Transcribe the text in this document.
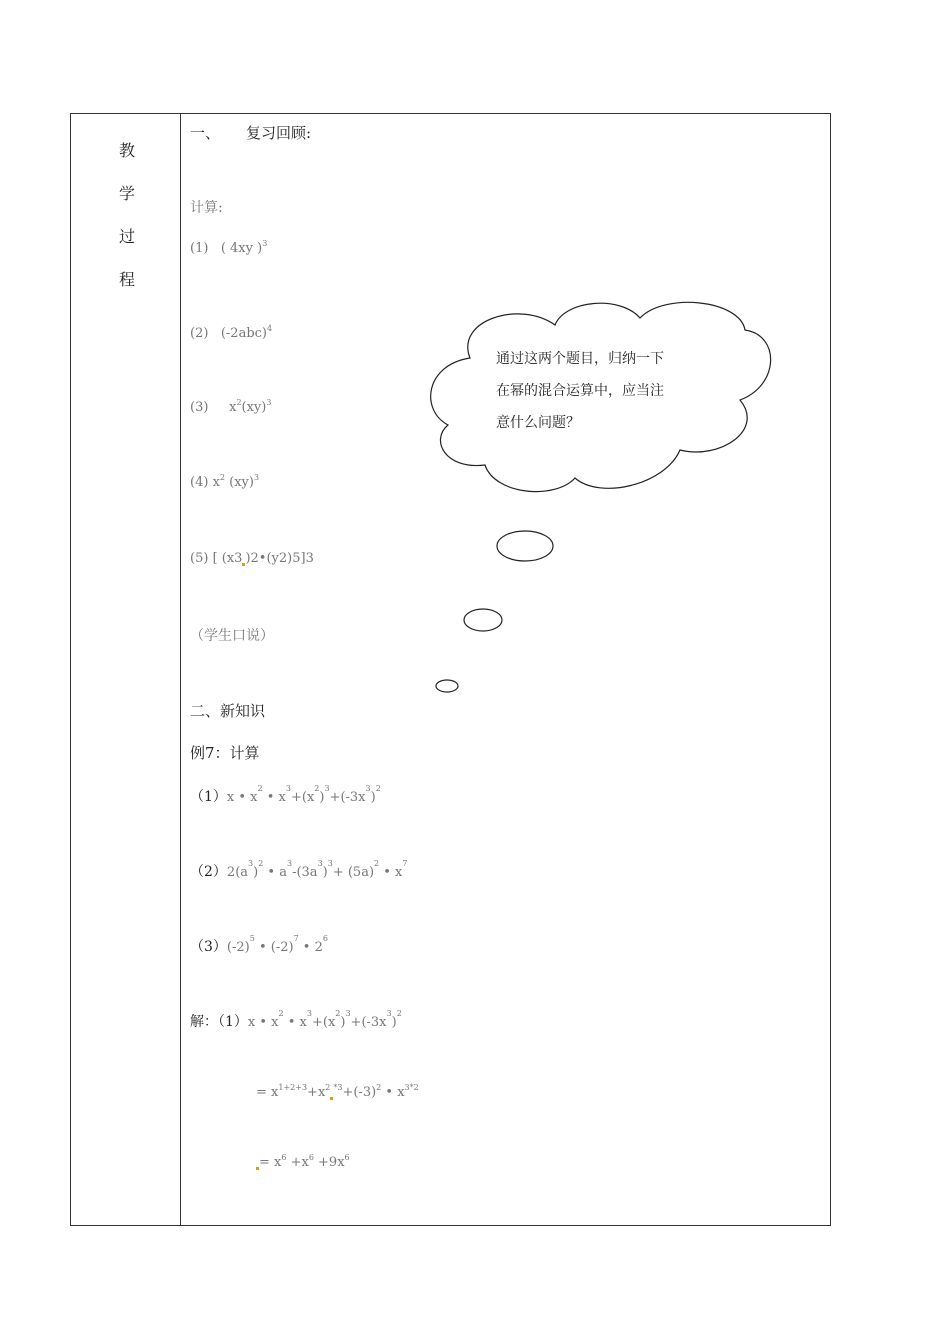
教
学
过
程
一、 复习回顾:
计算:
(1) ( 4xy )$^3$
(2) $(-2abc)^4$
(3) $x^2(xy)^3$
(4) $x^2$ (xy)$^3$
(5) [ (x3 )2•(y2)5]3
（学生口说）
通过这两个题目，归纳一下
在幂的混合运算中，应当注
意什么问题？
二、新知识
例7：计算
（1）x • $x^2$ • $x^3+(x^2)^3+(-3x^3)^2$
$(2)2(a^3)^2$ • $a^3-(3a^3)^3+ (5a)^2$ • $x^7$
$(3)(-2)^5$ • $(-2)^7$ • $2^6$
解：（1）x • $x^2$ • $x^3+(x^2)^3+(-3x^3)^2$
= $x^{1+2+3}+x^2$ $^{*3}+(-3)^2$ • $x^{3*2}$
= $x^6 +x^6 +9x^6$
